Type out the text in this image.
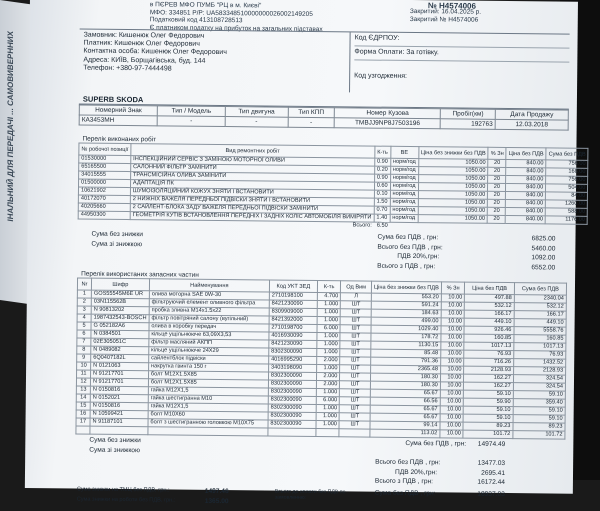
ІНАЛЬНИЙ ДЛЯ ПЕРЕДАЧІ ... САМОВИВЕРННИХ
в ПЄРЕВ МФО ПУМБ "РЦ в м. Києві"
МФО: 334851 Р/Р: UA583348510000000026002149205
Податковий код 413108728513
Є платником податку на прибуток на загальних підставах
№ Н4574006
Закритий: 16.04.2025 р.
Закритий № Н4574006
Замовник: Кишенюк Олег Федорович
Платник: Кишенюк Олег Федорович
Контактна особа: Кишенюк Олег Федорович
Адреса: КИЇВ, Борщагівська, буд. 144
Телефон: +380-97-7444498
Код ЄДРПОУ:
Форма Оплати: За готівку.
Код узгодження:
SUPERB SKODA
Номерний Знак	Тип / Модель	Тип двигуна	Тип КПП	Номер Кузова	Пробіг(км)	Дата Продажу
КА3453МН	-	-	-	TMBJJ9NP8J7503196	192763	12.03.2018
Перелік виконаних робіт
№ робочої позиції	Вид ремонтних робіт	К-ть	ВЕ	Ціна без знижки без ПДВ	% Зн	Ціна без ПДВ	Сума без ПДВ
01530000	ІНСПЕКЦІЙНИЙ СЕРВІС З ЗАМІНОЮ МОТОРНОЇ ОЛИВИ	0.90	норм/год	1050.00	20	840.00	756.00
65165500	САЛОННИЙ ФІЛЬТР ЗАМІНИТИ	0.20	норм/год	1050.00	20	840.00	168.00
34015555	ТРАНСМІСІЙНА ОЛИВА ЗАМІНИТИ	0.90	норм/год	1050.00	20	840.00	756.00
01500000	АДАПТАЦІЯ ПК	0.60	норм/год	1050.00	20	840.00	504.00
10621902	ШУМОІЗОЛЯЦІЙНИЙ КОЖУХ ЗНЯТИ І ВСТАНОВИТИ	0.10	норм/год	1050.00	20	840.00	84.00
40172070	2 НИЖНІХ ВАЖЕЛЯ ПЕРЕДНЬОЇ ПІДВІСКИ ЗНЯТИ І ВСТАНОВИТИ	1.50	норм/год	1050.00	20	840.00	1260.00
40205660	2 САЙЛЕНТ-БЛОКА ЗАДУ ВАЖЕЛЯ ПЕРЕДНЬОЇ ПІДВІСКИ ЗАМІНИТИ	0.70	норм/год	1050.00	20	840.00	588.00
44950300	ГЕОМЕТРІЯ КУТІВ ВСТАНОВЛЕННЯ ПЕРЕДНІХ І ЗАДНІХ КОЛІС АВТОМОБІЛЯ ВИМІРЯТИ	1.40	норм/год	1050.00	20	840.00	1176.00
	Всього:	6.50					
Сума без знижки	Сума без ПДВ , грн:	6825.00
Сума зі знижкою	Всього без ПДВ , грн:	5460.00
ПДВ 20%,грн:	1092.00
Всього з ПДВ , грн:	6552.00
Перелік використаних запасних частин
Nr	Шифр	Найменування	Код УКТ ЗЕД	К-ть	Од Вим	Ціна без знижки без ПДВ	% Зн	Ціна без ПДВ	Сума без ПДВ
1	GOS55545M6E UR	олива моторна SAE 0W-30	2710198100	4.700	Л	553.20	10.00	497.88	2340.04
2	03N115562B	фільтруючий елемент оливного фільтра	8421230090	1.000	ШТ	591.24	10.00	532.12	532.12
3	N 90813202	пробка зливна М14х1.5х22	8309909000	1.000	ШТ	184.63	10.00	166.17	166.17
4	1987432543-BOSCH	фільтр повітряний салону (вугільний)	8421392000	1.000	ШТ	499.00	10.00	449.10	449.10
5	G 052182A6	олива в коробку передач	2710198700	6.000	ШТ	1029.40	10.00	926.46	5558.76
6	N 0384501	кільце ущільнююче 63,09Х3,53	4016930090	1.000	ШТ	178.72	10.00	160.85	160.85
7	02E305051C	фільтр масляний АКПП	8421230090	1.000	ШТ	1130.15	10.00	1017.13	1017.13
8	N 0489082	кільце ущільнююче 24Х29	8302300090	1.000	ШТ	85.48	10.00	76.93	76.93
9	6Q0407182L	сайлентблок підвіски	4016995290	2.000	ШТ	791.36	10.00	716.26	1432.52
10	N 0121063	накрутка гвинта 150 г	3403198090	1.000	ШТ	2365.48	10.00	2128.93	2128.93
11	N 91217701	болт М12Х1.5Х85	8302300090	2.000	ШТ	180.30	10.00	162.27	324.54
12	N 91217701	болт М12Х1.5Х85	8302300090	2.000	ШТ	180.30	10.00	162.27	324.54
13	N 0150816	гайка М12Х1,5	8302300090	1.000	ШТ	65.67	10.00	59.10	59.10
14	N 0152021	гайка шестигранна М10	8302300090	6.000	ШТ	66.56	10.00	59.90	359.40
15	N 0150816	гайка М12Х1,5	8302300090	1.000	ШТ	65.67	10.00	59.10	59.10
16	N 10599421	болт М10Х60	8302300090	1.000	ШТ	65.67	10.00	59.10	59.10
17	N 91187101	болт з шестигранною головкою М10Х75	8302300090	1.000	ШТ	99.14	10.00	89.23	89.23
						113.02	10.00	101.72	101.72
Сума без знижки	Сума без ПДВ , грн: 14974.49
Сума зі знижкою
Всього без ПДВ , грн:	13477.03
ПДВ 20%,грн:	2695.41
Всього з ПДВ , грн:	16172.44
Сума знижки на ТМЦ без ПДВ, грн.:	1497.46	Всього до оплати без ПДВ по замовленню:
Сума без ПДВ , грн:	18937.03
Сума знижки на роботи без ПДВ, грн.:	1365.00
